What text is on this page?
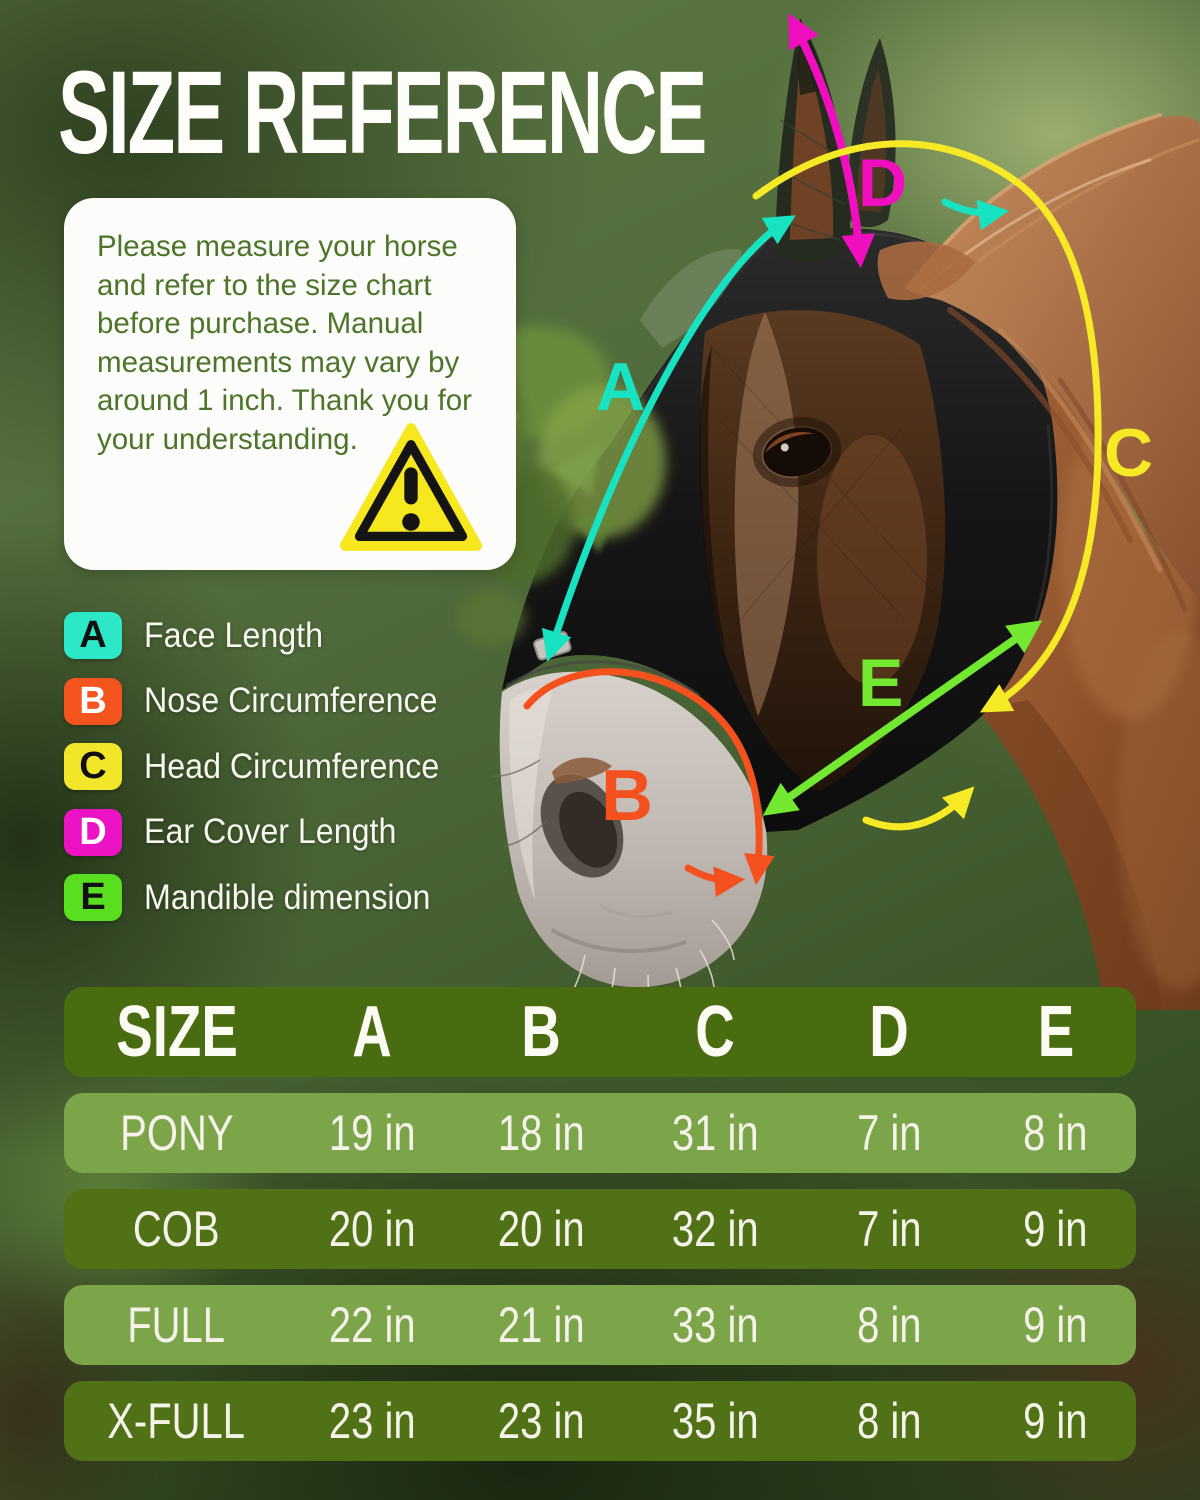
A
B
C
D
E
SIZE REFERENCE
Please measure your horse and refer to the size chart before purchase. Manual measurements may vary by around 1 inch. Thank you for your understanding.
A	Face Length
B	Nose Circumference
C	Head Circumference
D	Ear Cover Length
E	Mandible dimension
SIZE	A	B	C	D	E
PONY	19 in	18 in	31 in	7 in	8 in
COB	20 in	20 in	32 in	7 in	9 in
FULL	22 in	21 in	33 in	8 in	9 in
X-FULL	23 in	23 in	35 in	8 in	9 in
